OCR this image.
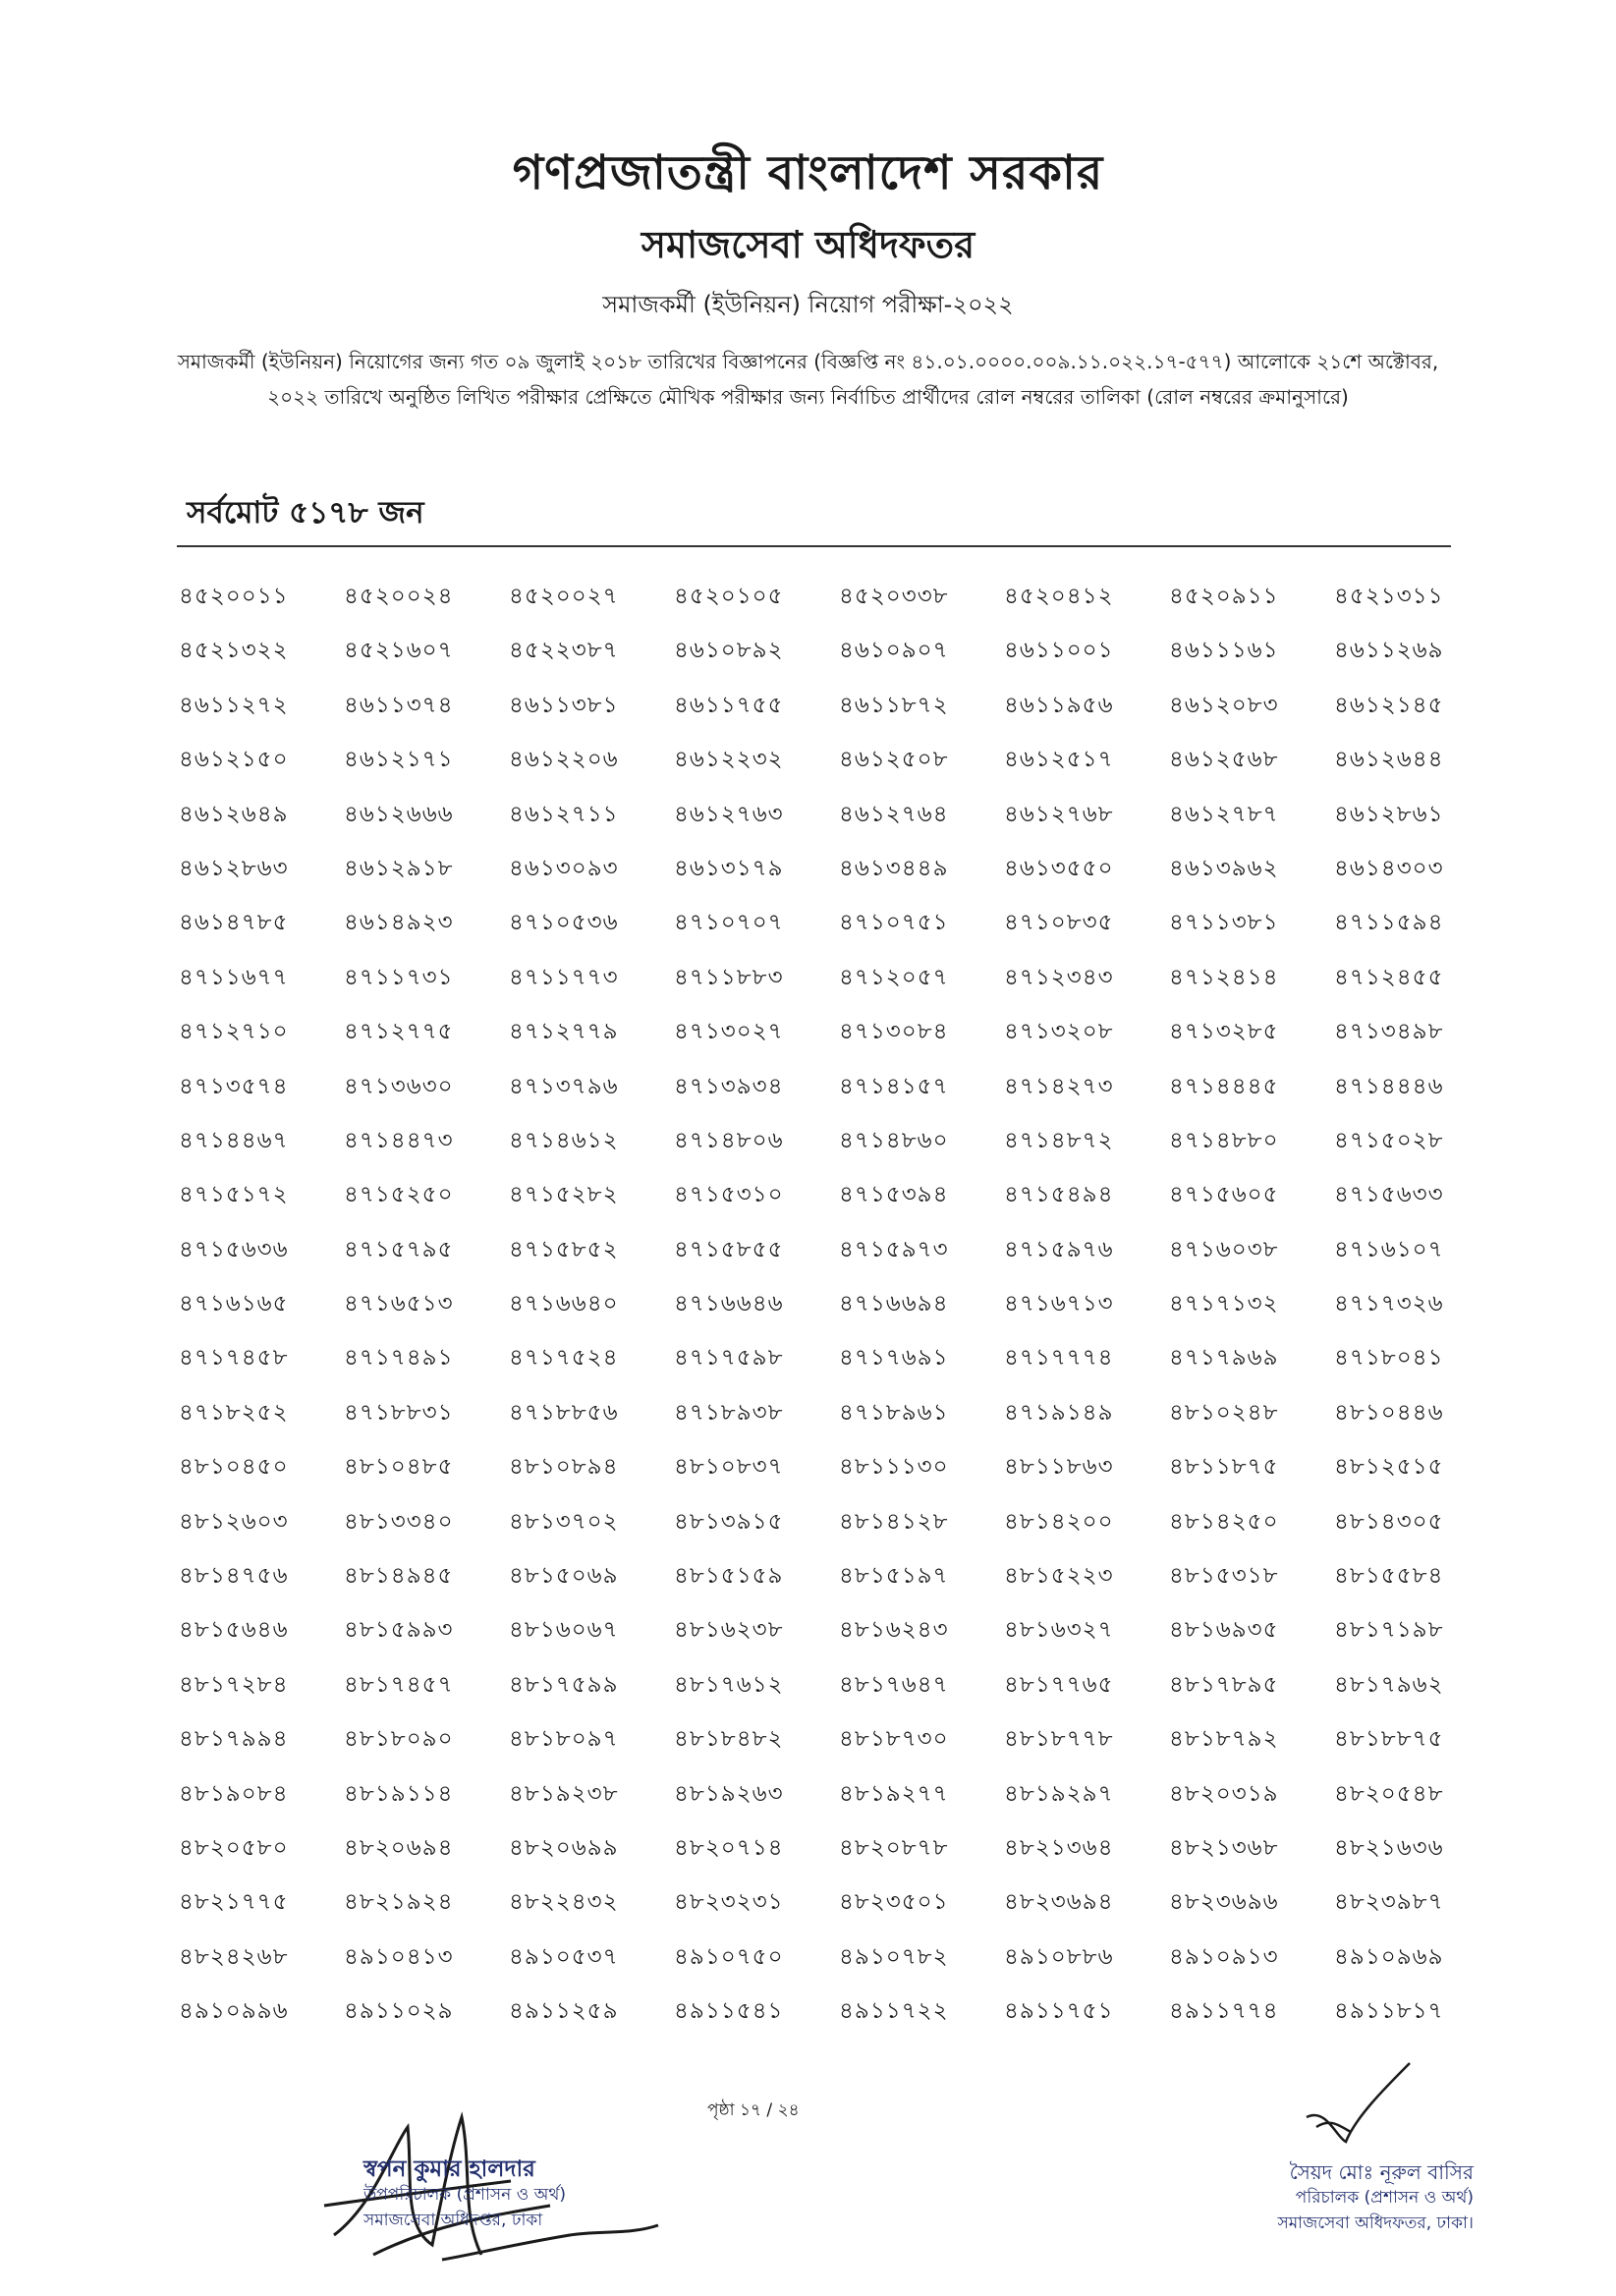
গণপ্রজাতন্ত্রী বাংলাদেশ সরকার
সমাজসেবা অধিদফতর
সমাজকর্মী (ইউনিয়ন) নিয়োগ পরীক্ষা-২০২২
সমাজকর্মী (ইউনিয়ন) নিয়োগের জন্য গত ০৯ জুলাই ২০১৮ তারিখের বিজ্ঞাপনের (বিজ্ঞপ্তি নং ৪১.০১.০০০০.০০৯.১১.০২২.১৭-৫৭৭) আলোকে ২১শে অক্টোবর, ২০২২ তারিখে অনুষ্ঠিত লিখিত পরীক্ষার প্রেক্ষিতে মৌখিক পরীক্ষার জন্য নির্বাচিত প্রার্থীদের রোল নম্বরের তালিকা (রোল নম্বরের ক্রমানুসারে)
সর্বমোট ৫১৭৮ জন
৪৫২০০১১	৪৫২০০২৪	৪৫২০০২৭	৪৫২০১০৫	৪৫২০৩৩৮	৪৫২০৪১২	৪৫২০৯১১	৪৫২১৩১১
৪৫২১৩২২	৪৫২১৬০৭	৪৫২২৩৮৭	৪৬১০৮৯২	৪৬১০৯০৭	৪৬১১০০১	৪৬১১১৬১	৪৬১১২৬৯
৪৬১১২৭২	৪৬১১৩৭৪	৪৬১১৩৮১	৪৬১১৭৫৫	৪৬১১৮৭২	৪৬১১৯৫৬	৪৬১২০৮৩	৪৬১২১৪৫
৪৬১২১৫০	৪৬১২১৭১	৪৬১২২০৬	৪৬১২২৩২	৪৬১২৫০৮	৪৬১২৫১৭	৪৬১২৫৬৮	৪৬১২৬৪৪
৪৬১২৬৪৯	৪৬১২৬৬৬	৪৬১২৭১১	৪৬১২৭৬৩	৪৬১২৭৬৪	৪৬১২৭৬৮	৪৬১২৭৮৭	৪৬১২৮৬১
৪৬১২৮৬৩	৪৬১২৯১৮	৪৬১৩০৯৩	৪৬১৩১৭৯	৪৬১৩৪৪৯	৪৬১৩৫৫০	৪৬১৩৯৬২	৪৬১৪৩০৩
৪৬১৪৭৮৫	৪৬১৪৯২৩	৪৭১০৫৩৬	৪৭১০৭০৭	৪৭১০৭৫১	৪৭১০৮৩৫	৪৭১১৩৮১	৪৭১১৫৯৪
৪৭১১৬৭৭	৪৭১১৭৩১	৪৭১১৭৭৩	৪৭১১৮৮৩	৪৭১২০৫৭	৪৭১২৩৪৩	৪৭১২৪১৪	৪৭১২৪৫৫
৪৭১২৭১০	৪৭১২৭৭৫	৪৭১২৭৭৯	৪৭১৩০২৭	৪৭১৩০৮৪	৪৭১৩২০৮	৪৭১৩২৮৫	৪৭১৩৪৯৮
৪৭১৩৫৭৪	৪৭১৩৬৩০	৪৭১৩৭৯৬	৪৭১৩৯৩৪	৪৭১৪১৫৭	৪৭১৪২৭৩	৪৭১৪৪৪৫	৪৭১৪৪৪৬
৪৭১৪৪৬৭	৪৭১৪৪৭৩	৪৭১৪৬১২	৪৭১৪৮০৬	৪৭১৪৮৬০	৪৭১৪৮৭২	৪৭১৪৮৮০	৪৭১৫০২৮
৪৭১৫১৭২	৪৭১৫২৫০	৪৭১৫২৮২	৪৭১৫৩১০	৪৭১৫৩৯৪	৪৭১৫৪৯৪	৪৭১৫৬০৫	৪৭১৫৬৩৩
৪৭১৫৬৩৬	৪৭১৫৭৯৫	৪৭১৫৮৫২	৪৭১৫৮৫৫	৪৭১৫৯৭৩	৪৭১৫৯৭৬	৪৭১৬০৩৮	৪৭১৬১০৭
৪৭১৬১৬৫	৪৭১৬৫১৩	৪৭১৬৬৪০	৪৭১৬৬৪৬	৪৭১৬৬৯৪	৪৭১৬৭১৩	৪৭১৭১৩২	৪৭১৭৩২৬
৪৭১৭৪৫৮	৪৭১৭৪৯১	৪৭১৭৫২৪	৪৭১৭৫৯৮	৪৭১৭৬৯১	৪৭১৭৭৭৪	৪৭১৭৯৬৯	৪৭১৮০৪১
৪৭১৮২৫২	৪৭১৮৮৩১	৪৭১৮৮৫৬	৪৭১৮৯৩৮	৪৭১৮৯৬১	৪৭১৯১৪৯	৪৮১০২৪৮	৪৮১০৪৪৬
৪৮১০৪৫০	৪৮১০৪৮৫	৪৮১০৮৯৪	৪৮১০৮৩৭	৪৮১১১৩০	৪৮১১৮৬৩	৪৮১১৮৭৫	৪৮১২৫১৫
৪৮১২৬০৩	৪৮১৩৩৪০	৪৮১৩৭০২	৪৮১৩৯১৫	৪৮১৪১২৮	৪৮১৪২০০	৪৮১৪২৫০	৪৮১৪৩০৫
৪৮১৪৭৫৬	৪৮১৪৯৪৫	৪৮১৫০৬৯	৪৮১৫১৫৯	৪৮১৫১৯৭	৪৮১৫২২৩	৪৮১৫৩১৮	৪৮১৫৫৮৪
৪৮১৫৬৪৬	৪৮১৫৯৯৩	৪৮১৬০৬৭	৪৮১৬২৩৮	৪৮১৬২৪৩	৪৮১৬৩২৭	৪৮১৬৯৩৫	৪৮১৭১৯৮
৪৮১৭২৮৪	৪৮১৭৪৫৭	৪৮১৭৫৯৯	৪৮১৭৬১২	৪৮১৭৬৪৭	৪৮১৭৭৬৫	৪৮১৭৮৯৫	৪৮১৭৯৬২
৪৮১৭৯৯৪	৪৮১৮০৯০	৪৮১৮০৯৭	৪৮১৮৪৮২	৪৮১৮৭৩০	৪৮১৮৭৭৮	৪৮১৮৭৯২	৪৮১৮৮৭৫
৪৮১৯০৮৪	৪৮১৯১১৪	৪৮১৯২৩৮	৪৮১৯২৬৩	৪৮১৯২৭৭	৪৮১৯২৯৭	৪৮২০৩১৯	৪৮২০৫৪৮
৪৮২০৫৮০	৪৮২০৬৯৪	৪৮২০৬৯৯	৪৮২০৭১৪	৪৮২০৮৭৮	৪৮২১৩৬৪	৪৮২১৩৬৮	৪৮২১৬৩৬
৪৮২১৭৭৫	৪৮২১৯২৪	৪৮২২৪৩২	৪৮২৩২৩১	৪৮২৩৫০১	৪৮২৩৬৯৪	৪৮২৩৬৯৬	৪৮২৩৯৮৭
৪৮২৪২৬৮	৪৯১০৪১৩	৪৯১০৫৩৭	৪৯১০৭৫০	৪৯১০৭৮২	৪৯১০৮৮৬	৪৯১০৯১৩	৪৯১০৯৬৯
৪৯১০৯৯৬	৪৯১১০২৯	৪৯১১২৫৯	৪৯১১৫৪১	৪৯১১৭২২	৪৯১১৭৫১	৪৯১১৭৭৪	৪৯১১৮১৭
পৃষ্ঠা ১৭ / ২৪
স্বপন কুমার হালদার
উপপরিচালক (প্রশাসন ও অর্থ)
সমাজসেবা অধিদপ্তর, ঢাকা
সৈয়দ মোঃ নূরুল বাসির
পরিচালক (প্রশাসন ও অর্থ)
সমাজসেবা অধিদফতর, ঢাকা।
